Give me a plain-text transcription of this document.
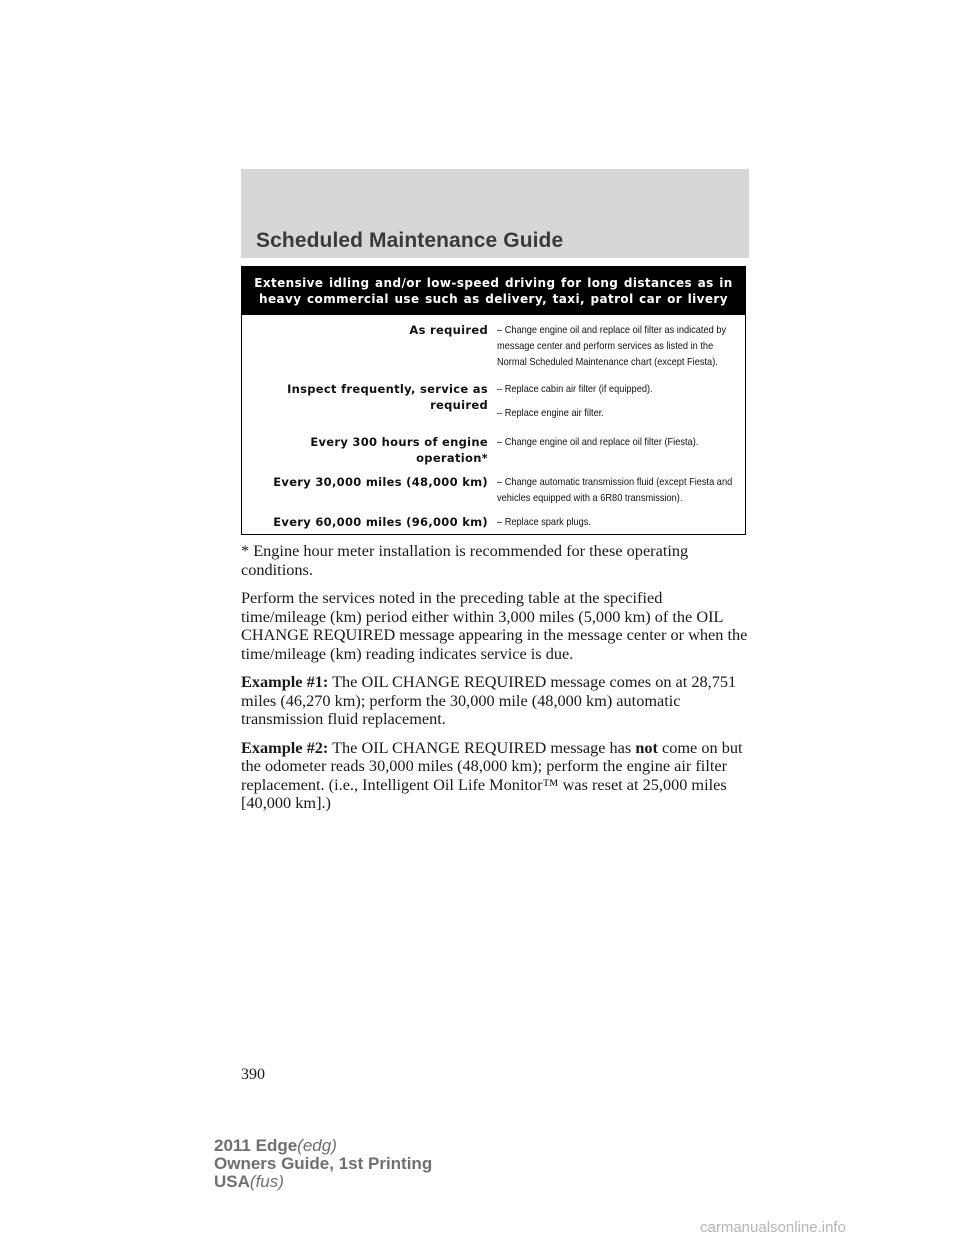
Scheduled Maintenance Guide
Extensive idling and/or low-speed driving for long distances as in heavy commercial use such as delivery, taxi, patrol car or livery
As required – Change engine oil and replace oil filter as indicated by message center and perform services as listed in the Normal Scheduled Maintenance chart (except Fiesta).

Inspect frequently, service as required

– Replace cabin air filter (if equipped).

– Replace engine air filter.

Every 300 hours of engine operation*

– Change engine oil and replace oil filter (Fiesta).

Every 30,000 miles (48,000 km) – Change automatic transmission fluid (except Fiesta and vehicles equipped with a 6R80 transmission).

Every 60,000 miles (96,000 km) – Replace spark plugs.

* Engine hour meter installation is recommended for these operating conditions.

Perform the services noted in the preceding table at the specified time/mileage (km) period either within 3,000 miles (5,000 km) of the OIL CHANGE REQUIRED message appearing in the message center or when the time/mileage (km) reading indicates service is due.

Example #1: The OIL CHANGE REQUIRED message comes on at 28,751 miles (46,270 km); perform the 30,000 mile (48,000 km) automatic transmission fluid replacement.

Example #2: The OIL CHANGE REQUIRED message has not come on but the odometer reads 30,000 miles (48,000 km); perform the engine air filter replacement. (i.e., Intelligent Oil Life Monitor™ was reset at 25,000 miles [40,000 km].)

390
2011 Edge(edg)
Owners Guide, 1st Printing
USA(fus)
carmanualsonline.info
